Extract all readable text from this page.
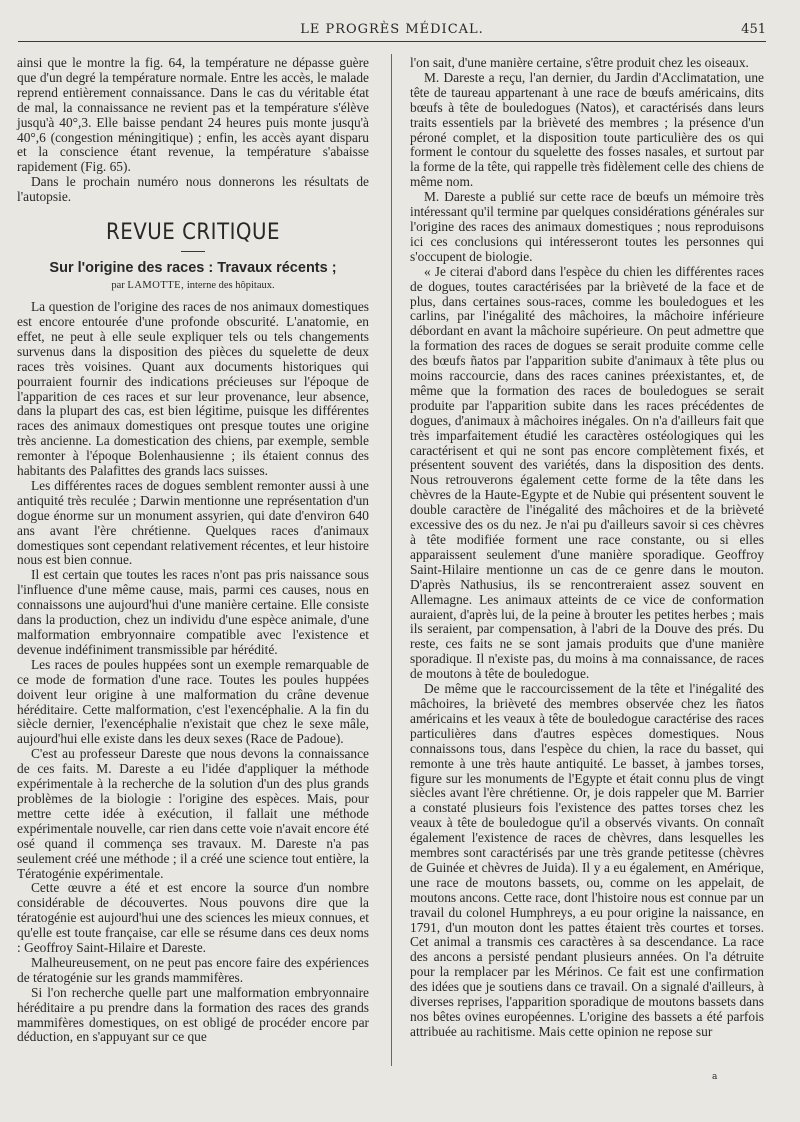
LE PROGRÈS MÉDICAL.	451

ainsi que le montre la fig. 64, la température ne dépasse guère que d'un degré la température normale. Entre les accès, le malade reprend entièrement connaissance. Dans le cas du véritable état de mal, la connaissance ne revient pas et la température s'élève jusqu'à 40°,3. Elle baisse pendant 24 heures puis monte jusqu'à 40°,6 (congestion méningitique) ; enfin, les accès ayant disparu et la conscience étant revenue, la température s'abaisse rapidement (Fig. 65).

Dans le prochain numéro nous donnerons les résultats de l'autopsie.

REVUE CRITIQUE
Sur l'origine des races : Travaux récents ;
par LAMOTTE, interne des hôpitaux.

La question de l'origine des races de nos animaux domestiques est encore entourée d'une profonde obscurité. L'anatomie, en effet, ne peut à elle seule expliquer tels ou tels changements survenus dans la disposition des pièces du squelette de deux races très voisines. Quant aux documents historiques qui pourraient fournir des indications précieuses sur l'époque de l'apparition de ces races et sur leur provenance, leur absence, dans la plupart des cas, est bien légitime, puisque les différentes races des animaux domestiques ont presque toutes une origine très ancienne. La domestication des chiens, par exemple, semble remonter à l'époque Bolenhausienne ; ils étaient connus des habitants des Palafittes des grands lacs suisses.

Les différentes races de dogues semblent remonter aussi à une antiquité très reculée ; Darwin mentionne une représentation d'un dogue énorme sur un monument assyrien, qui date d'environ 640 ans avant l'ère chrétienne. Quelques races d'animaux domestiques sont cependant relativement récentes, et leur histoire nous est bien connue.

Il est certain que toutes les races n'ont pas pris naissance sous l'influence d'une même cause, mais, parmi ces causes, nous en connaissons une aujourd'hui d'une manière certaine. Elle consiste dans la production, chez un individu d'une espèce animale, d'une malformation embryonnaire compatible avec l'existence et devenue indéfiniment transmissible par hérédité.

Les races de poules huppées sont un exemple remarquable de ce mode de formation d'une race. Toutes les poules huppées doivent leur origine à une malformation du crâne devenue héréditaire. Cette malformation, c'est l'exencéphalie. A la fin du siècle dernier, l'exencéphalie n'existait que chez le sexe mâle, aujourd'hui elle existe dans les deux sexes (Race de Padoue).

C'est au professeur Dareste que nous devons la connaissance de ces faits. M. Dareste a eu l'idée d'appliquer la méthode expérimentale à la recherche de la solution d'un des plus grands problèmes de la biologie : l'origine des espèces. Mais, pour mettre cette idée à exécution, il fallait une méthode expérimentale nouvelle, car rien dans cette voie n'avait encore été osé quand il commença ses travaux. M. Dareste n'a pas seulement créé une méthode ; il a créé une science tout entière, la Tératogénie expérimentale.

Cette œuvre a été et est encore la source d'un nombre considérable de découvertes. Nous pouvons dire que la tératogénie est aujourd'hui une des sciences les mieux connues, et qu'elle est toute française, car elle se résume dans ces deux noms : Geoffroy Saint-Hilaire et Dareste.

Malheureusement, on ne peut pas encore faire des expériences de tératogénie sur les grands mammifères.

Si l'on recherche quelle part une malformation embryonnaire héréditaire a pu prendre dans la formation des races des grands mammifères domestiques, on est obligé de procéder encore par déduction, en s'appuyant sur ce que

l'on sait, d'une manière certaine, s'être produit chez les oiseaux.

M. Dareste a reçu, l'an dernier, du Jardin d'Acclimatation, une tête de taureau appartenant à une race de bœufs américains, dits bœufs à tête de bouledogues (Natos), et caractérisés dans leurs traits essentiels par la brièveté des membres ; la présence d'un péroné complet, et la disposition toute particulière des os qui forment le contour du squelette des fosses nasales, et surtout par la forme de la tête, qui rappelle très fidèlement celle des chiens de même nom.

M. Dareste a publié sur cette race de bœufs un mémoire très intéressant qu'il termine par quelques considérations générales sur l'origine des races des animaux domestiques ; nous reproduisons ici ces conclusions qui intéresseront toutes les personnes qui s'occupent de biologie.

« Je citerai d'abord dans l'espèce du chien les différentes races de dogues, toutes caractérisées par la brièveté de la face et de plus, dans certaines sous-races, comme les bouledogues et les carlins, par l'inégalité des mâchoires, la mâchoire inférieure débordant en avant la mâchoire supérieure. On peut admettre que la formation des races de dogues se serait produite comme celle des bœufs ñatos par l'apparition subite d'animaux à tête plus ou moins raccourcie, dans des races canines préexistantes, et, de même que la formation des races de bouledogues se serait produite par l'apparition subite dans les races précédentes de dogues, d'animaux à mâchoires inégales. On n'a d'ailleurs fait que très imparfaitement étudié les caractères ostéologiques qui les caractérisent et qui ne sont pas encore complètement fixés, et présentent souvent des variétés, dans la disposition des dents. Nous retrouverons également cette forme de la tête dans les chèvres de la Haute-Egypte et de Nubie qui présentent souvent le double caractère de l'inégalité des mâchoires et de la brièveté excessive des os du nez. Je n'ai pu d'ailleurs savoir si ces chèvres à tête modifiée forment une race constante, ou si elles apparaissent seulement d'une manière sporadique. Geoffroy Saint-Hilaire mentionne un cas de ce genre dans le mouton. D'après Nathusius, ils se rencontreraient assez souvent en Allemagne. Les animaux atteints de ce vice de conformation auraient, d'après lui, de la peine à brouter les petites herbes ; mais ils seraient, par compensation, à l'abri de la Douve des prés. Du reste, ces faits ne se sont jamais produits que d'une manière sporadique. Il n'existe pas, du moins à ma connaissance, de races de moutons à tête de bouledogue.

De même que le raccourcissement de la tête et l'inégalité des mâchoires, la brièveté des membres observée chez les ñatos américains et les veaux à tête de bouledogue caractérise des races particulières dans d'autres espèces domestiques. Nous connaissons tous, dans l'espèce du chien, la race du basset, qui remonte à une très haute antiquité. Le basset, à jambes torses, figure sur les monuments de l'Egypte et était connu plus de vingt siècles avant l'ère chrétienne. Or, je dois rappeler que M. Barrier a constaté plusieurs fois l'existence des pattes torses chez les veaux à tête de bouledogue qu'il a observés vivants. On connaît également l'existence de races de chèvres, dans lesquelles les membres sont caractérisés par une très grande petitesse (chèvres de Guinée et chèvres de Juida). Il y a eu également, en Amérique, une race de moutons bassets, ou, comme on les appelait, de moutons ancons. Cette race, dont l'histoire nous est connue par un travail du colonel Humphreys, a eu pour origine la naissance, en 1791, d'un mouton dont les pattes étaient très courtes et torses. Cet animal a transmis ces caractères à sa descendance. La race des ancons a persisté pendant plusieurs années. On l'a détruite pour la remplacer par les Mérinos. Ce fait est une confirmation des idées que je soutiens dans ce travail. On a signalé d'ailleurs, à diverses reprises, l'apparition sporadique de moutons bassets dans nos bêtes ovines européennes. L'origine des bassets a été parfois attribuée au rachitisme. Mais cette opinion ne repose sur

a
